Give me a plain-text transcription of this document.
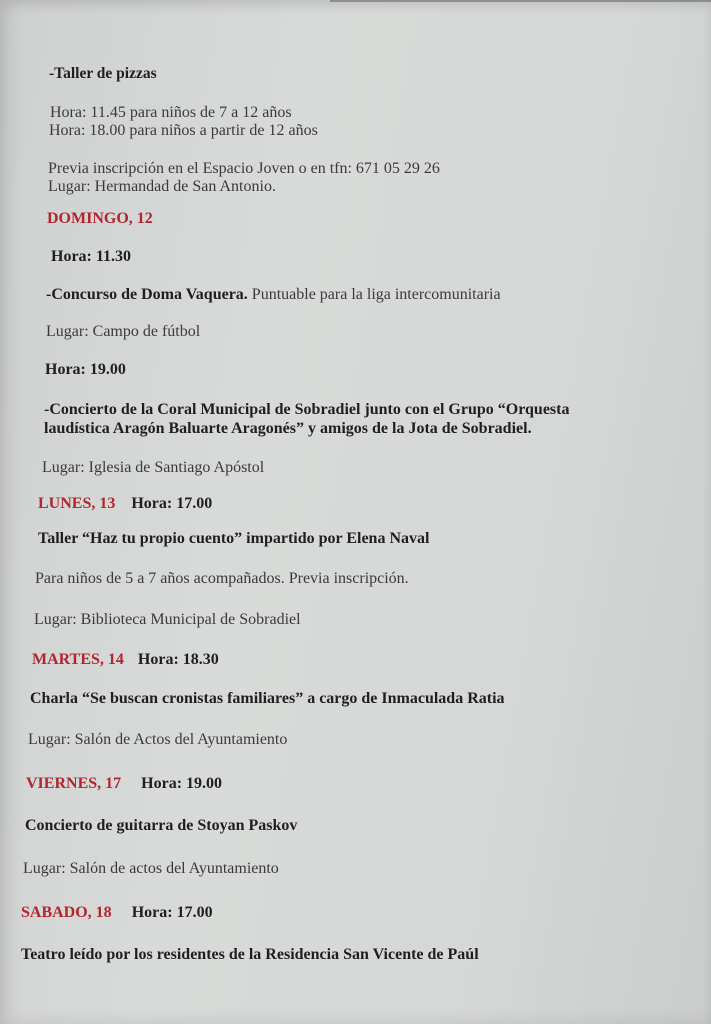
-Taller de pizzas
Hora: 11.45 para niños de 7 a 12 años
Hora: 18.00 para niños a partir de 12 años
Previa inscripción en el Espacio Joven o en tfn: 671 05 29 26
Lugar: Hermandad de San Antonio.
DOMINGO, 12
Hora: 11.30
-Concurso de Doma Vaquera. Puntuable para la liga intercomunitaria
Lugar: Campo de fútbol
Hora: 19.00
-Concierto de la Coral Municipal de Sobradiel junto con el Grupo “Orquesta
laudística Aragón Baluarte Aragonés” y amigos de la Jota de Sobradiel.
Lugar: Iglesia de Santiago Apóstol
LUNES, 13 Hora: 17.00
Taller “Haz tu propio cuento” impartido por Elena Naval
Para niños de 5 a 7 años acompañados. Previa inscripción.
Lugar: Biblioteca Municipal de Sobradiel
MARTES, 14 Hora: 18.30
Charla “Se buscan cronistas familiares” a cargo de Inmaculada Ratia
Lugar: Salón de Actos del Ayuntamiento
VIERNES, 17 Hora: 19.00
Concierto de guitarra de Stoyan Paskov
Lugar: Salón de actos del Ayuntamiento
SABADO, 18 Hora: 17.00
Teatro leído por los residentes de la Residencia San Vicente de Paúl
